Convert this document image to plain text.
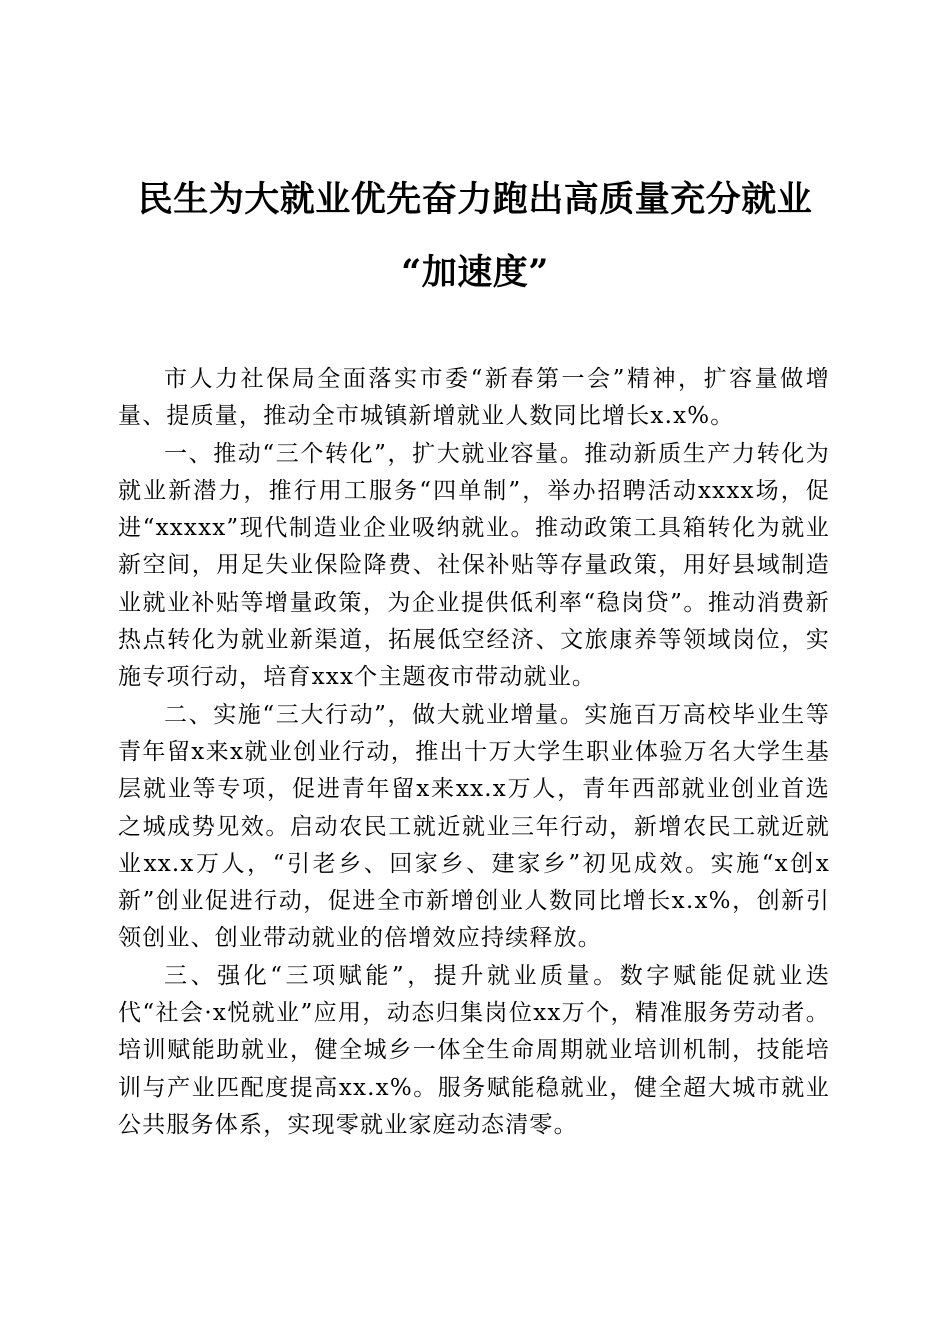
民生为大就业优先奋力跑出高质量充分就业
“加速度”

市人力社保局全面落实市委“新春第一会”精神，扩容量做增量、提质量，推动全市城镇新增就业人数同比增长x.x%。

一、推动“三个转化”，扩大就业容量。推动新质生产力转化为就业新潜力，推行用工服务“四单制”，举办招聘活动xxxx场，促进“xxxxx”现代制造业企业吸纳就业。推动政策工具箱转化为就业新空间，用足失业保险降费、社保补贴等存量政策，用好县域制造业就业补贴等增量政策，为企业提供低利率“稳岗贷”。推动消费新热点转化为就业新渠道，拓展低空经济、文旅康养等领域岗位，实施专项行动，培育xxx个主题夜市带动就业。

二、实施“三大行动”，做大就业增量。实施百万高校毕业生等青年留x来x就业创业行动，推出十万大学生职业体验万名大学生基层就业等专项，促进青年留x来xx.x万人，青年西部就业创业首选之城成势见效。启动农民工就近就业三年行动，新增农民工就近就业xx.x万人，“引老乡、回家乡、建家乡”初见成效。实施“x创x新”创业促进行动，促进全市新增创业人数同比增长x.x%，创新引领创业、创业带动就业的倍增效应持续释放。

三、强化“三项赋能”，提升就业质量。数字赋能促就业迭代“社会·x悦就业”应用，动态归集岗位xx万个，精准服务劳动者。培训赋能助就业，健全城乡一体全生命周期就业培训机制，技能培训与产业匹配度提高xx.x%。服务赋能稳就业，健全超大城市就业公共服务体系，实现零就业家庭动态清零。
